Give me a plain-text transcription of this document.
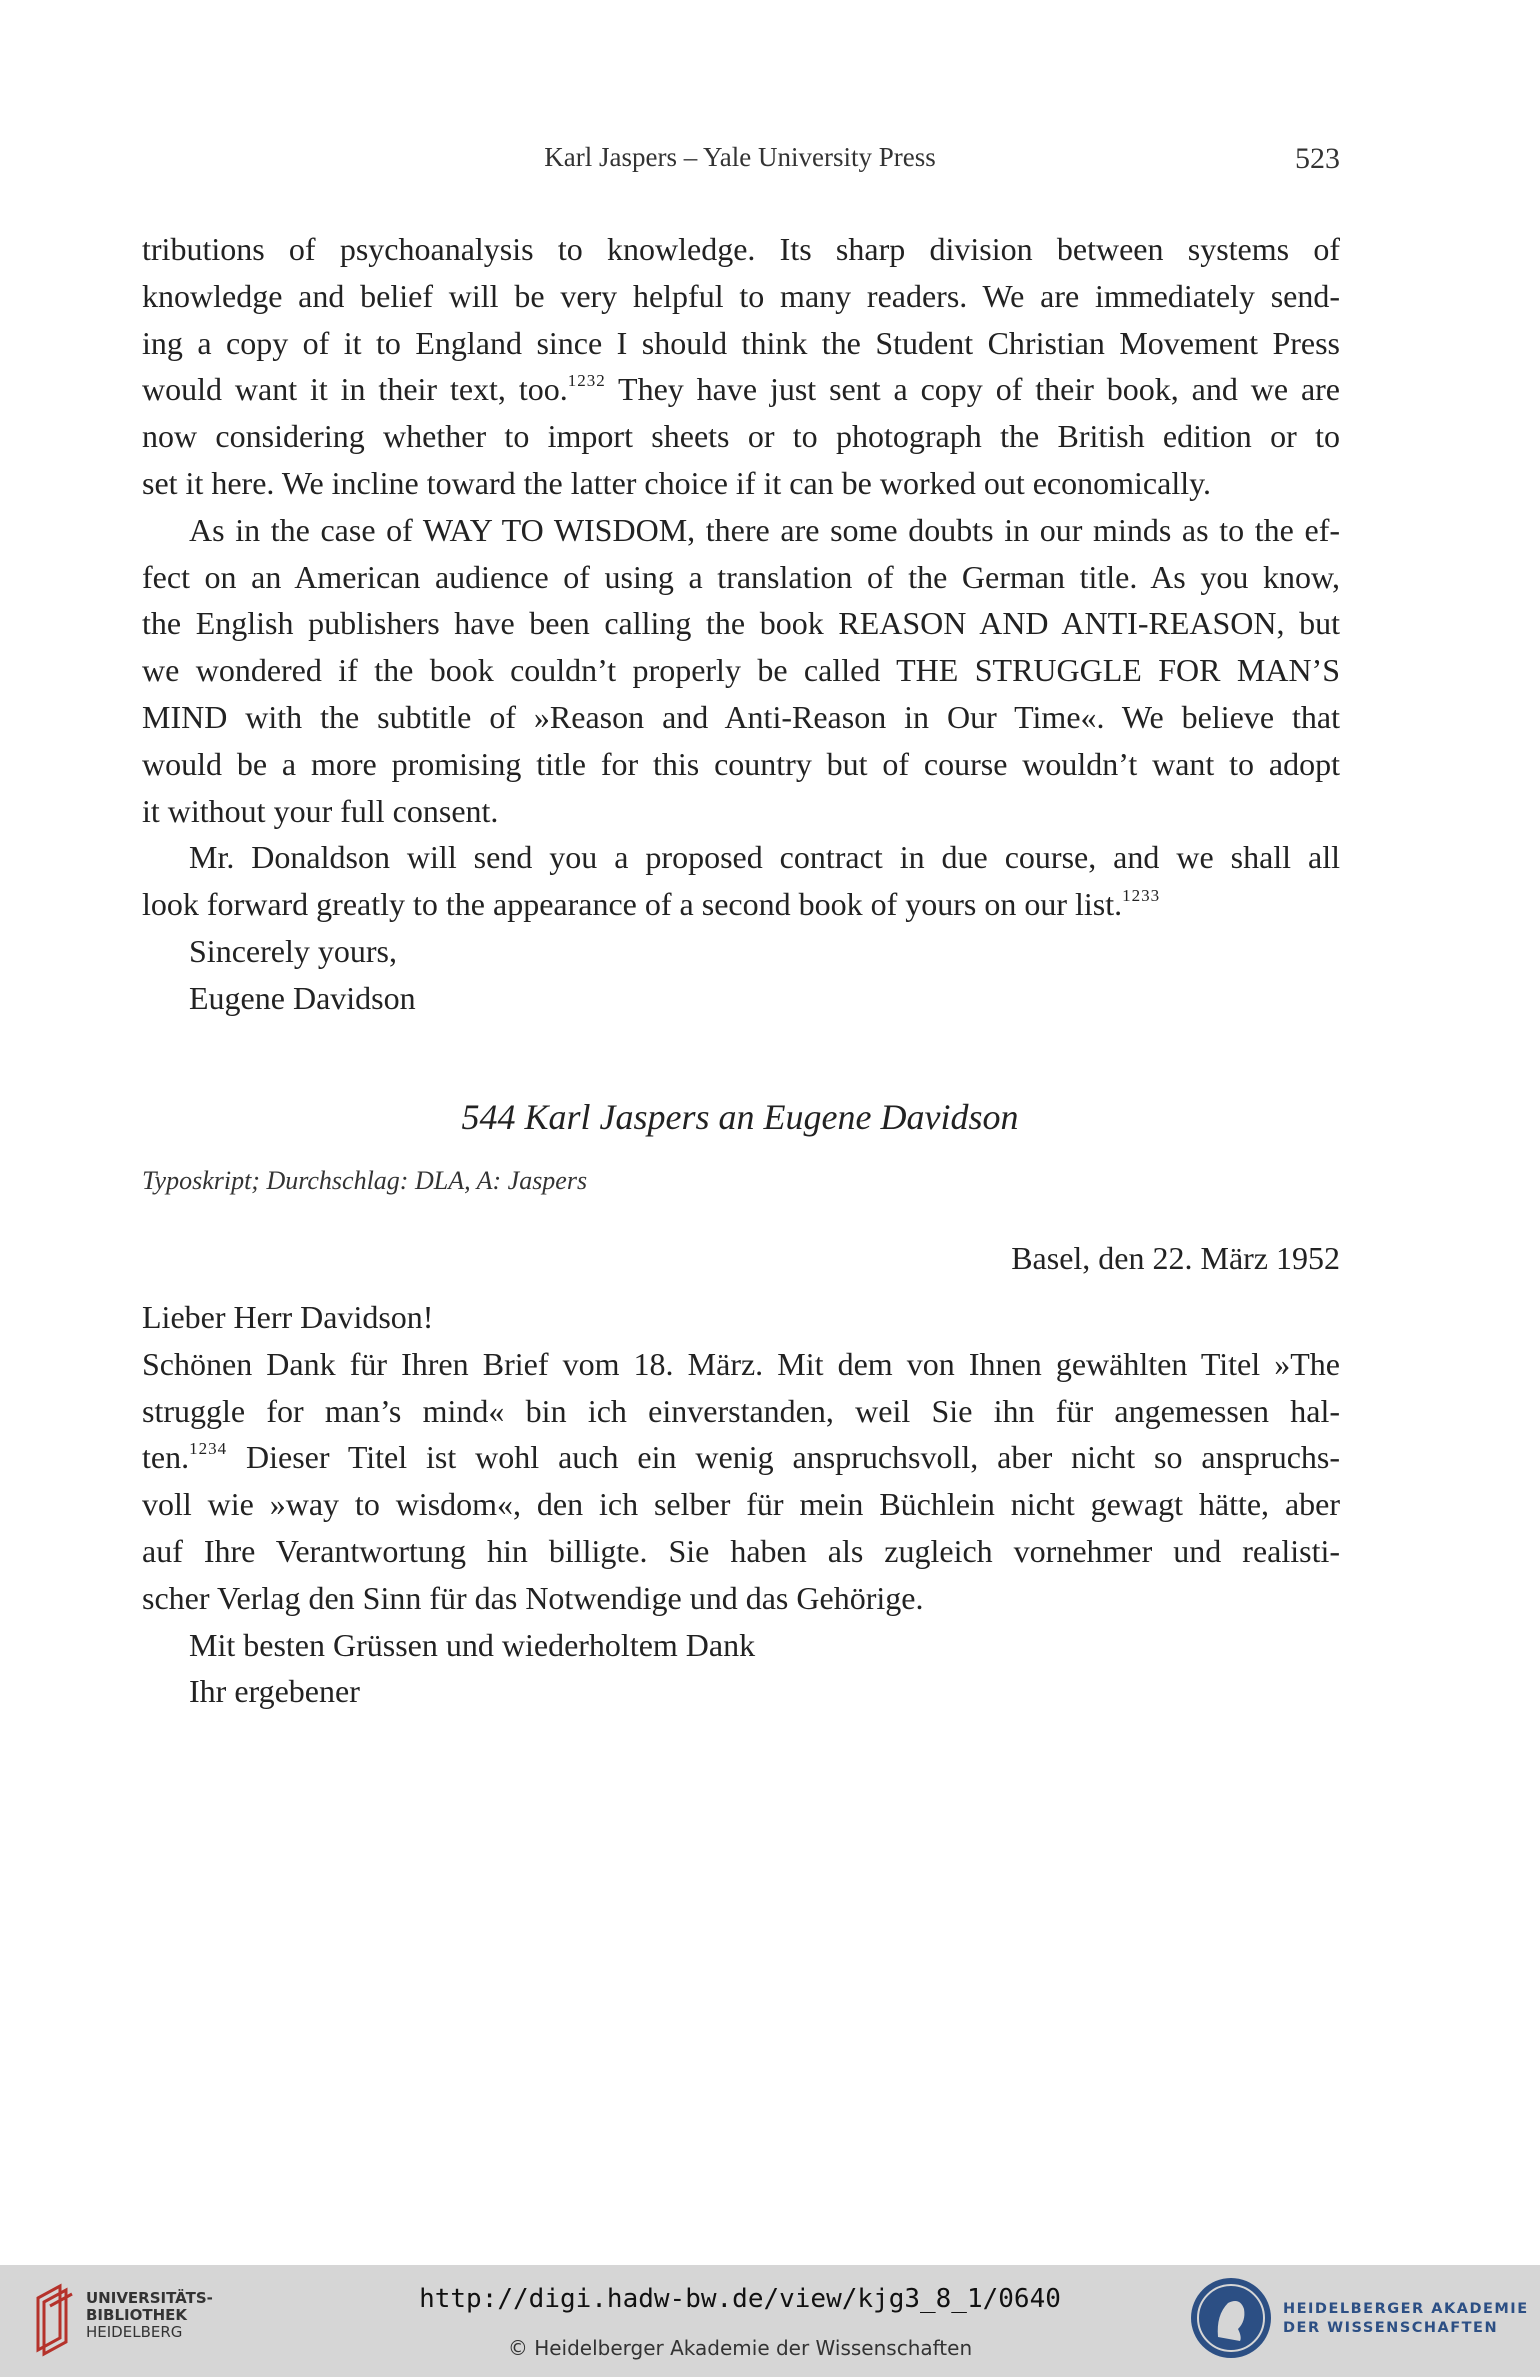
Karl Jaspers – Yale University Press	523
tributions of psychoanalysis to knowledge. Its sharp division between systems of
knowledge and belief will be very helpful to many readers. We are immediately send-
ing a copy of it to England since I should think the Student Christian Movement Press
would want it in their text, too.$^{1232}$ They have just sent a copy of their book, and we are
now considering whether to import sheets or to photograph the British edition or to
set it here. We incline toward the latter choice if it can be worked out economically.
As in the case of WAY TO WISDOM, there are some doubts in our minds as to the ef-
fect on an American audience of using a translation of the German title. As you know,
the English publishers have been calling the book REASON AND ANTI-REASON, but
we wondered if the book couldn’t properly be called THE STRUGGLE FOR MAN’S
MIND with the subtitle of »Reason and Anti-Reason in Our Time«. We believe that
would be a more promising title for this country but of course wouldn’t want to adopt
it without your full consent.
Mr. Donaldson will send you a proposed contract in due course, and we shall all
look forward greatly to the appearance of a second book of yours on our list.$^{1233}$
Sincerely yours,
Eugene Davidson
544 Karl Jaspers an Eugene Davidson
Typoskript; Durchschlag: DLA, A: Jaspers
Basel, den 22. März 1952
Lieber Herr Davidson!
Schönen Dank für Ihren Brief vom 18. März. Mit dem von Ihnen gewählten Titel »The
struggle for man’s mind« bin ich einverstanden, weil Sie ihn für angemessen hal-
ten.$^{1234}$ Dieser Titel ist wohl auch ein wenig anspruchsvoll, aber nicht so anspruchs-
voll wie »way to wisdom«, den ich selber für mein Büchlein nicht gewagt hätte, aber
auf Ihre Verantwortung hin billigte. Sie haben als zugleich vornehmer und realisti-
scher Verlag den Sinn für das Notwendige und das Gehörige.
Mit besten Grüssen und wiederholtem Dank
Ihr ergebener
UNIVERSITÄTS-
BIBLIOTHEK
HEIDELBERG
http://digi.hadw-bw.de/view/kjg3_8_1/0640
© Heidelberger Akademie der Wissenschaften
HEIDELBERGER AKADEMIE
DER WISSENSCHAFTEN
